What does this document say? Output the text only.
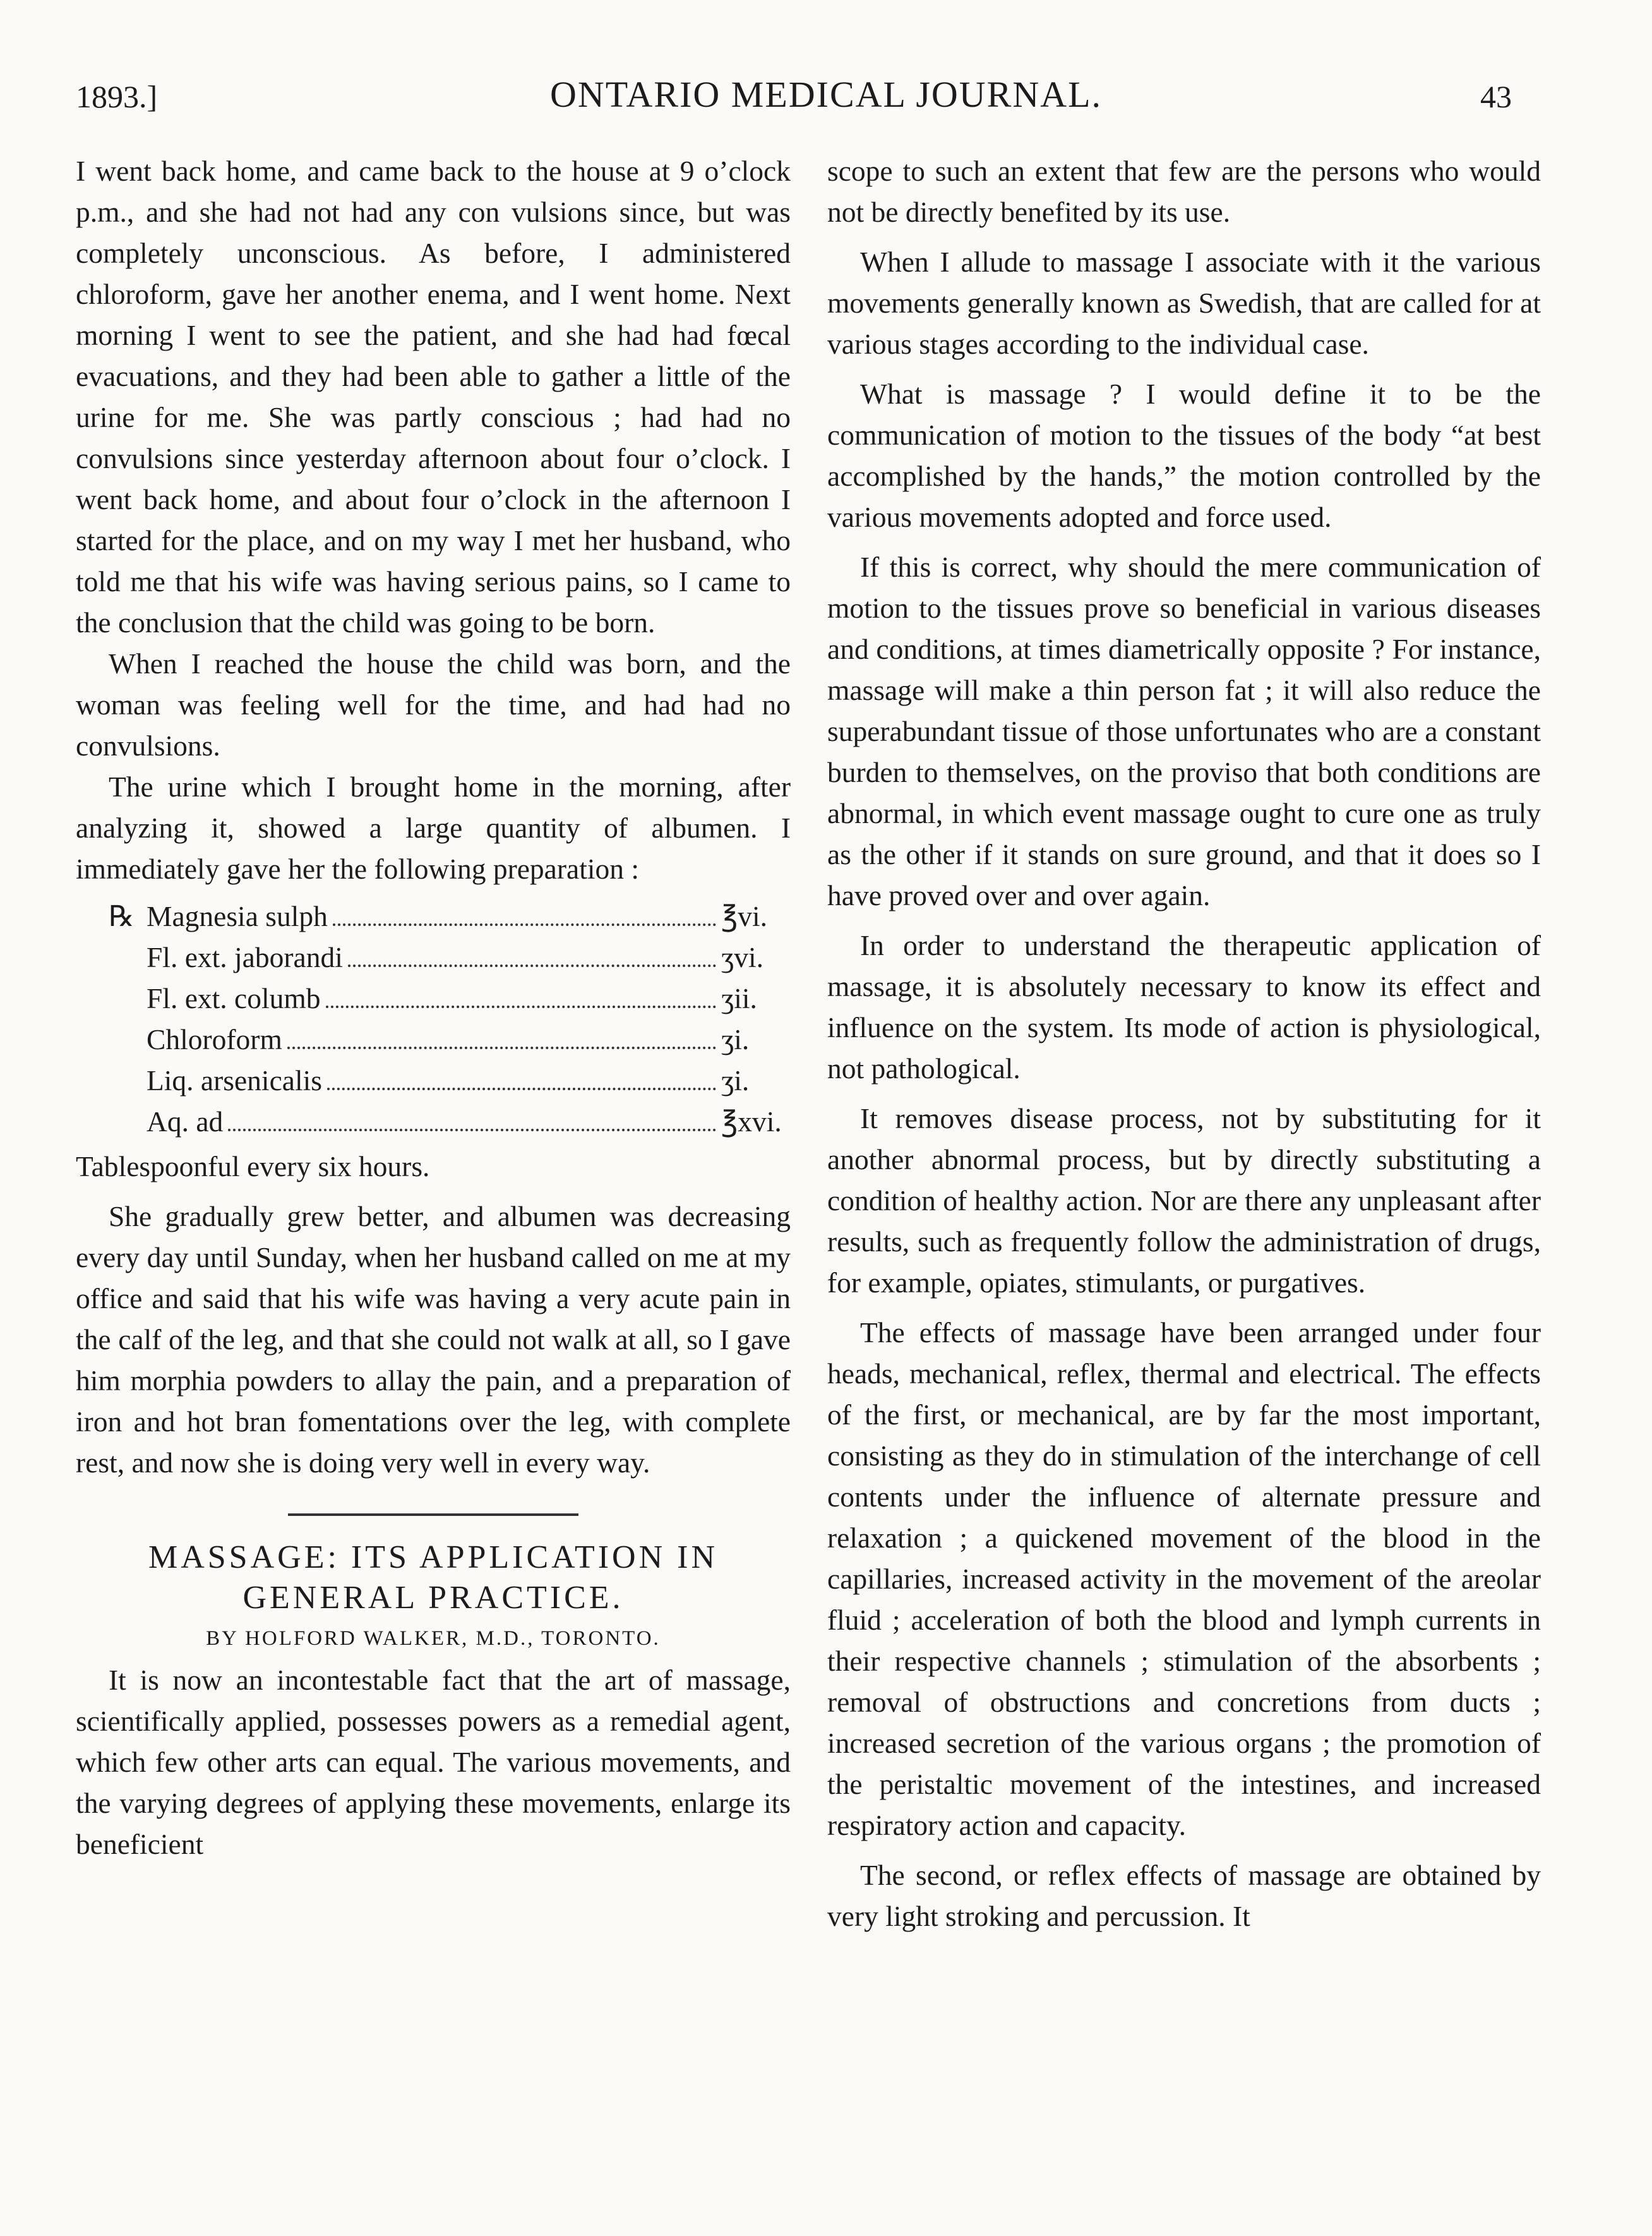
1893.]	ONTARIO MEDICAL JOURNAL.	43

I went back home, and came back to the house at 9 o’clock p.m., and she had not had any con vulsions since, but was completely unconscious. As before, I administered chloroform, gave her another enema, and I went home. Next morning I went to see the patient, and she had had fœcal evacuations, and they had been able to gather a little of the urine for me. She was partly conscious ; had had no convulsions since yesterday afternoon about four o’clock. I went back home, and about four o’clock in the afternoon I started for the place, and on my way I met her husband, who told me that his wife was having serious pains, so I came to the conclusion that the child was going to be born.

When I reached the house the child was born, and the woman was feeling well for the time, and had had no convulsions.

The urine which I brought home in the morning, after analyzing it, showed a large quantity of albumen. I immediately gave her the following preparation :

℞ Magnesia sulph	℥vi.
Fl. ext. jaborandi	ʒvi.
Fl. ext. columb	ʒii.
Chloroform	ʒi.
Liq. arsenicalis	ʒi.
Aq. ad	℥xvi.

Tablespoonful every six hours.

She gradually grew better, and albumen was decreasing every day until Sunday, when her husband called on me at my office and said that his wife was having a very acute pain in the calf of the leg, and that she could not walk at all, so I gave him morphia powders to allay the pain, and a preparation of iron and hot bran fomentations over the leg, with complete rest, and now she is doing very well in every way.

MASSAGE: ITS APPLICATION IN

GENERAL PRACTICE.

BY HOLFORD WALKER, M.D., TORONTO.

It is now an incontestable fact that the art of massage, scientifically applied, possesses powers as a remedial agent, which few other arts can equal. The various movements, and the varying degrees of applying these movements, enlarge its beneficient

scope to such an extent that few are the persons who would not be directly benefited by its use.

When I allude to massage I associate with it the various movements generally known as Swedish, that are called for at various stages according to the individual case.

What is massage ? I would define it to be the communication of motion to the tissues of the body “at best accomplished by the hands,” the motion controlled by the various movements adopted and force used.

If this is correct, why should the mere communication of motion to the tissues prove so beneficial in various diseases and conditions, at times diametrically opposite ? For instance, massage will make a thin person fat ; it will also reduce the superabundant tissue of those unfortunates who are a constant burden to themselves, on the proviso that both conditions are abnormal, in which event massage ought to cure one as truly as the other if it stands on sure ground, and that it does so I have proved over and over again.

In order to understand the therapeutic application of massage, it is absolutely necessary to know its effect and influence on the system. Its mode of action is physiological, not pathological.

It removes disease process, not by substituting for it another abnormal process, but by directly substituting a condition of healthy action. Nor are there any unpleasant after results, such as frequently follow the administration of drugs, for example, opiates, stimulants, or purgatives.

The effects of massage have been arranged under four heads, mechanical, reflex, thermal and electrical. The effects of the first, or mechanical, are by far the most important, consisting as they do in stimulation of the interchange of cell contents under the influence of alternate pressure and relaxation ; a quickened movement of the blood in the capillaries, increased activity in the movement of the areolar fluid ; acceleration of both the blood and lymph currents in their respective channels ; stimulation of the absorbents ; removal of obstructions and concretions from ducts ; increased secretion of the various organs ; the promotion of the peristaltic movement of the intestines, and increased respiratory action and capacity.

The second, or reflex effects of massage are obtained by very light stroking and percussion. It
